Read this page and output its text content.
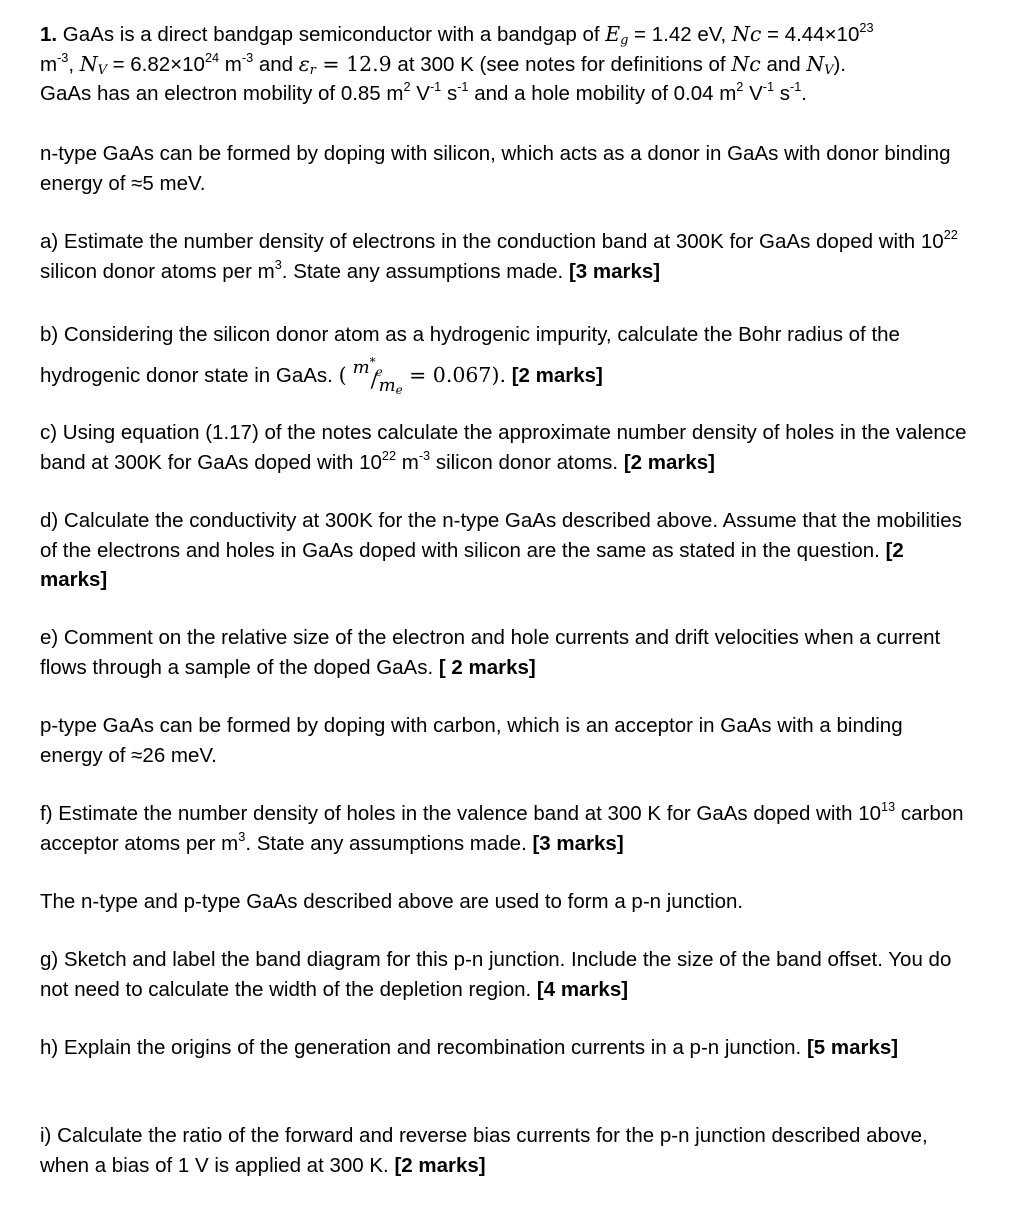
1. GaAs is a direct bandgap semiconductor with a bandgap of $E_g = 1.42$ eV, $Nc = 4.44\times 10^{23}$
$m^{-3}$, $N_V = 6.82\times 10^{24}$ $m^{-3}$ and $\varepsilon_r = 12.9$ at 300 K (see notes for definitions of Nc and $N_V$).
GaAs has an electron mobility of 0.85 $m^2$ $V^{-1}$ $s^{-1}$ and a hole mobility of 0.04 $m^2$ $V^{-1}$ $s^{-1}$.

n-type GaAs can be formed by doping with silicon, which acts as a donor in GaAs with donor binding energy of ≈5 meV.

a) Estimate the number density of electrons in the conduction band at 300K for GaAs doped with $10^{22}$ silicon donor atoms per $m^3$. State any assumptions made. [3 marks]

b) Considering the silicon donor atom as a hydrogenic impurity, calculate the Bohr radius of the hydrogenic donor state in GaAs. ( $m^*_e$
/ $m_e$
= 0.067). [2 marks]

c) Using equation (1.17) of the notes calculate the approximate number density of holes in the valence band at 300K for GaAs doped with $10^{22}$ $m^{-3}$ silicon donor atoms. [2 marks]

d) Calculate the conductivity at 300K for the n-type GaAs described above. Assume that the mobilities of the electrons and holes in GaAs doped with silicon are the same as stated in the question. [2 marks]

e) Comment on the relative size of the electron and hole currents and drift velocities when a current flows through a sample of the doped GaAs. [ 2 marks]

p-type GaAs can be formed by doping with carbon, which is an acceptor in GaAs with a binding energy of ≈26 meV.

f) Estimate the number density of holes in the valence band at 300 K for GaAs doped with $10^{13}$ carbon acceptor atoms per $m^3$. State any assumptions made. [3 marks]

The n-type and p-type GaAs described above are used to form a p-n junction.

g) Sketch and label the band diagram for this p-n junction. Include the size of the band offset. You do not need to calculate the width of the depletion region. [4 marks]

h) Explain the origins of the generation and recombination currents in a p-n junction. [5 marks]

i) Calculate the ratio of the forward and reverse bias currents for the p-n junction described above, when a bias of 1 V is applied at 300 K. [2 marks]
